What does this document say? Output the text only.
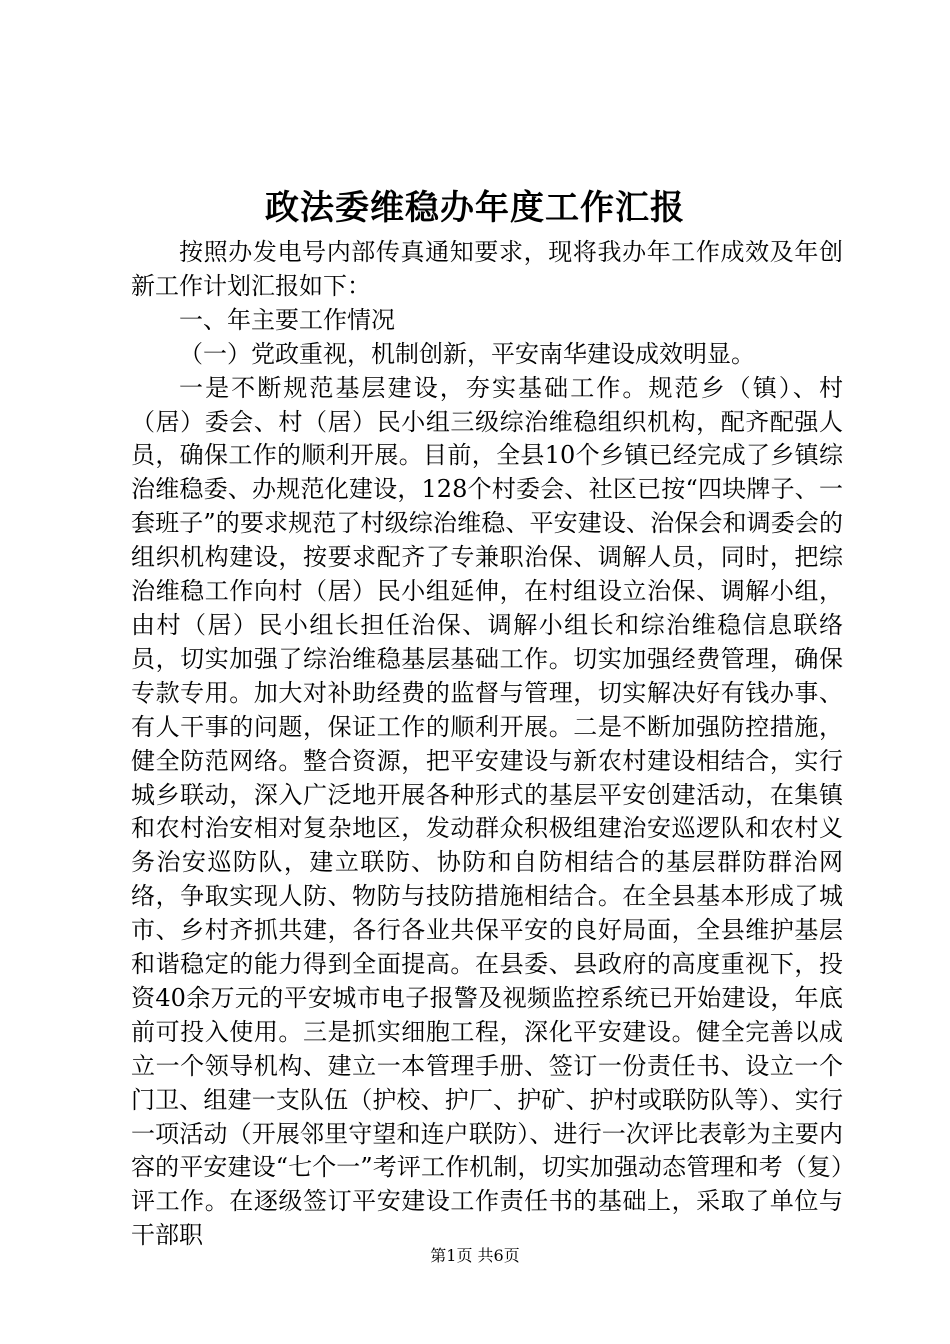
政法委维稳办年度工作汇报

按照办发电号内部传真通知要求，现将我办年工作成效及年创新工作计划汇报如下：

一、年主要工作情况

（一）党政重视，机制创新，平安南华建设成效明显。

一是不断规范基层建设，夯实基础工作。规范乡（镇）、村（居）委会、村（居）民小组三级综治维稳组织机构，配齐配强人员，确保工作的顺利开展。目前，全县10个乡镇已经完成了乡镇综治维稳委、办规范化建设，128个村委会、社区已按“四块牌子、一套班子”的要求规范了村级综治维稳、平安建设、治保会和调委会的组织机构建设，按要求配齐了专兼职治保、调解人员，同时，把综治维稳工作向村（居）民小组延伸，在村组设立治保、调解小组，由村（居）民小组长担任治保、调解小组长和综治维稳信息联络员，切实加强了综治维稳基层基础工作。切实加强经费管理，确保专款专用。加大对补助经费的监督与管理，切实解决好有钱办事、有人干事的问题，保证工作的顺利开展。二是不断加强防控措施，健全防范网络。整合资源，把平安建设与新农村建设相结合，实行城乡联动，深入广泛地开展各种形式的基层平安创建活动，在集镇和农村治安相对复杂地区，发动群众积极组建治安巡逻队和农村义务治安巡防队，建立联防、协防和自防相结合的基层群防群治网络，争取实现人防、物防与技防措施相结合。在全县基本形成了城市、乡村齐抓共建，各行各业共保平安的良好局面，全县维护基层和谐稳定的能力得到全面提高。在县委、县政府的高度重视下，投资40余万元的平安城市电子报警及视频监控系统已开始建设，年底前可投入使用。三是抓实细胞工程，深化平安建设。健全完善以成立一个领导机构、建立一本管理手册、签订一份责任书、设立一个门卫、组建一支队伍（护校、护厂、护矿、护村或联防队等）、实行一项活动（开展邻里守望和连户联防）、进行一次评比表彰为主要内容的平安建设“七个一”考评工作机制，切实加强动态管理和考（复）评工作。在逐级签订平安建设工作责任书的基础上，采取了单位与干部职

第1页 共6页
